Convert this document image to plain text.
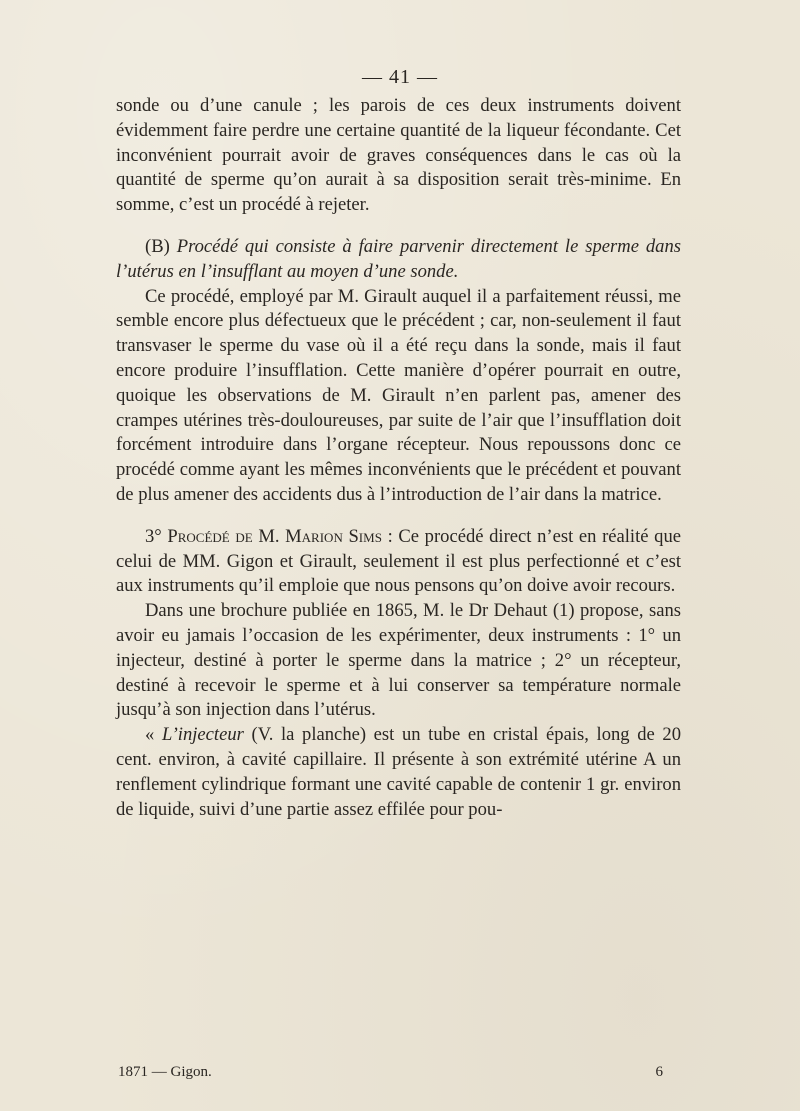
— 41 —

sonde ou d’une canule ; les parois de ces deux instruments doivent évidemment faire perdre une certaine quantité de la liqueur fécondante. Cet inconvénient pourrait avoir de graves conséquences dans le cas où la quantité de sperme qu’on aurait à sa disposition serait très-minime. En somme, c’est un procédé à rejeter.

(B) Procédé qui consiste à faire parvenir directement le sperme dans l’utérus en l’insufflant au moyen d’une sonde.

Ce procédé, employé par M. Girault auquel il a parfaitement réussi, me semble encore plus défectueux que le précédent ; car, non-seulement il faut transvaser le sperme du vase où il a été reçu dans la sonde, mais il faut encore produire l’insufflation. Cette manière d’opérer pourrait en outre, quoique les observations de M. Girault n’en parlent pas, amener des crampes utérines très-douloureuses, par suite de l’air que l’insufflation doit forcément introduire dans l’organe récepteur. Nous repoussons donc ce procédé comme ayant les mêmes inconvénients que le précédent et pouvant de plus amener des accidents dus à l’introduction de l’air dans la matrice.

3° Procédé de M. Marion Sims : Ce procédé direct n’est en réalité que celui de MM. Gigon et Girault, seulement il est plus perfectionné et c’est aux instruments qu’il emploie que nous pensons qu’on doive avoir recours.

Dans une brochure publiée en 1865, M. le Dr Dehaut (1) propose, sans avoir eu jamais l’occasion de les expérimenter, deux instruments : 1° un injecteur, destiné à porter le sperme dans la matrice ; 2° un récepteur, destiné à recevoir le sperme et à lui conserver sa température normale jusqu’à son injection dans l’utérus.

« L’injecteur (V. la planche) est un tube en cristal épais, long de 20 cent. environ, à cavité capillaire. Il présente à son extrémité utérine A un renflement cylindrique formant une cavité capable de contenir 1 gr. environ de liquide, suivi d’une partie assez effilée pour pou-

1871 — Gigon.	6
